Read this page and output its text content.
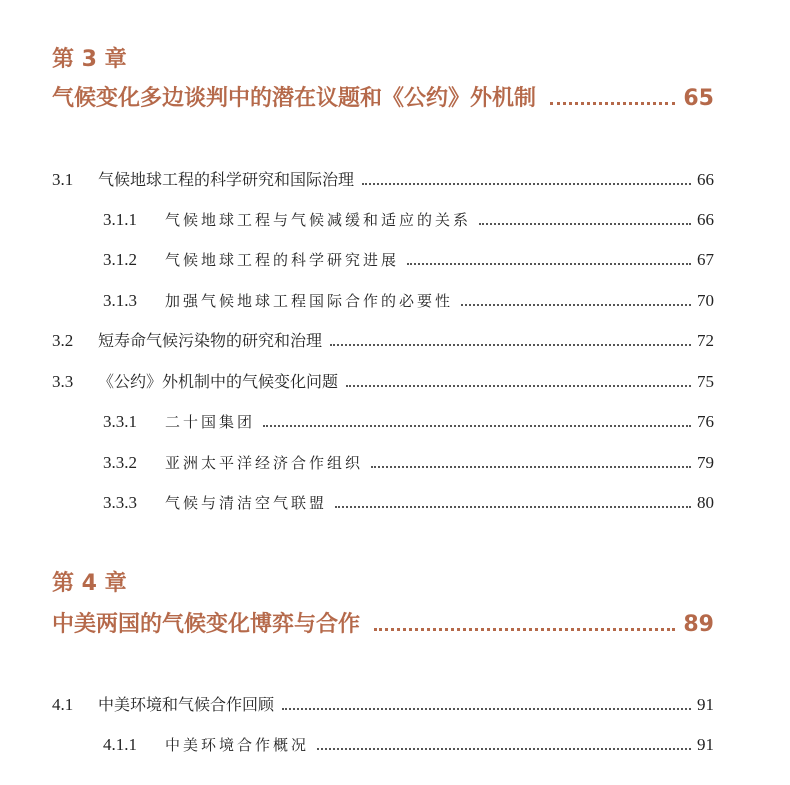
第 3 章
气候变化多边谈判中的潜在议题和《公约》外机制	65
3.1	气候地球工程的科学研究和国际治理	66
3.1.1	气候地球工程与气候减缓和适应的关系	66
3.1.2	气候地球工程的科学研究进展	67
3.1.3	加强气候地球工程国际合作的必要性	70
3.2	短寿命气候污染物的研究和治理	72
3.3	《公约》外机制中的气候变化问题	75
3.3.1	二十国集团	76
3.3.2	亚洲太平洋经济合作组织	79
3.3.3	气候与清洁空气联盟	80
第 4 章
中美两国的气候变化博弈与合作	89
4.1	中美环境和气候合作回顾	91
4.1.1	中美环境合作概况	91
